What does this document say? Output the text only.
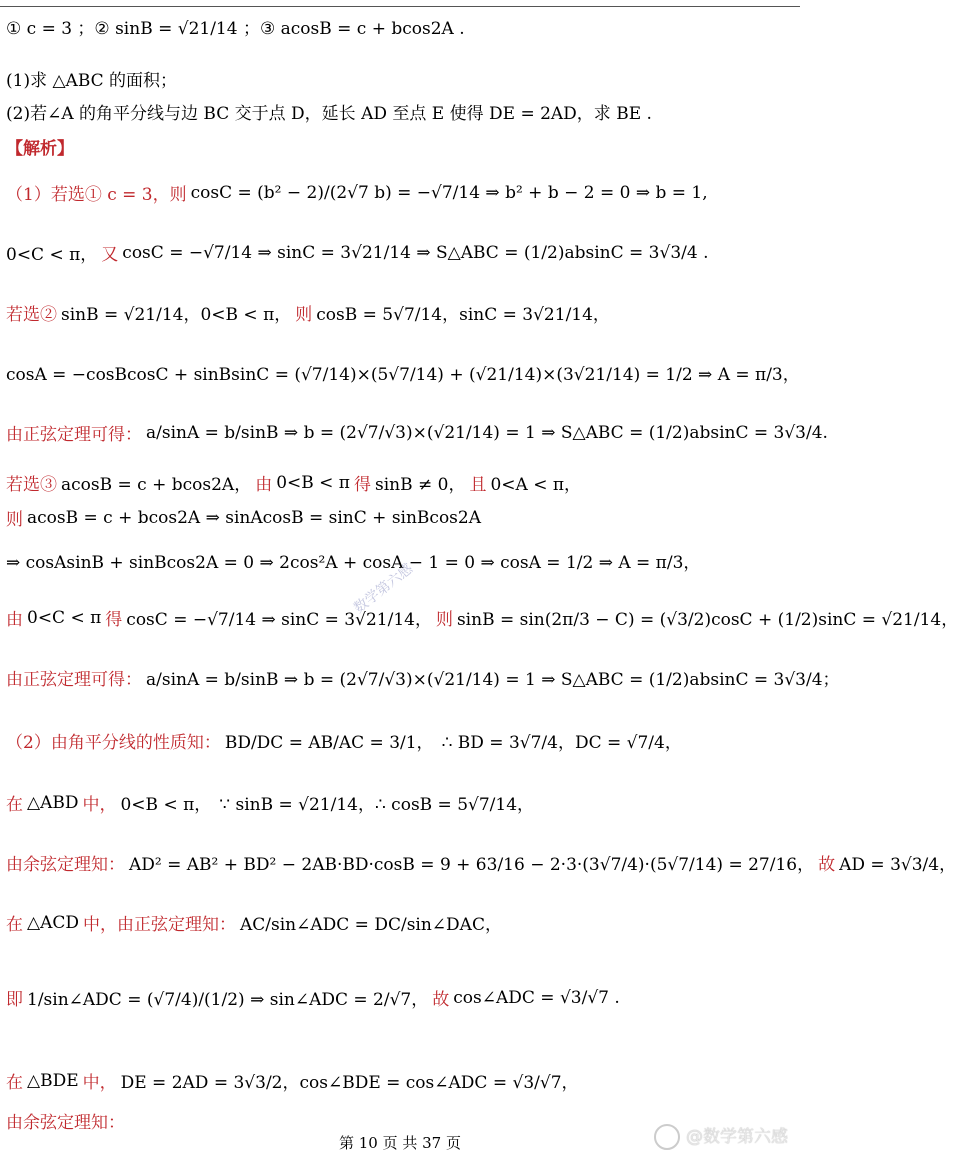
① c = 3 ；② sinB = √21/14 ；③ acosB = c + bcos2A .
(1)求 △ABC 的面积；
(2)若∠A 的角平分线与边 BC 交于点 D，延长 AD 至点 E 使得 DE = 2AD，求 BE .
【解析】
（1）若选① c = 3，则 cosC = (b² − 2)/(2√7 b) = −√7/14 ⇒ b² + b − 2 = 0 ⇒ b = 1,
0<C < π， 又 cosC = −√7/14 ⇒ sinC = 3√21/14 ⇒ S△ABC = (1/2)absinC = 3√3/4 .
若选② sinB = √21/14，0<B < π， 则 cosB = 5√7/14，sinC = 3√21/14，
cosA = −cosBcosC + sinBsinC = (√7/14)×(5√7/14) + (√21/14)×(3√21/14) = 1/2 ⇒ A = π/3，
由正弦定理可得： a/sinA = b/sinB ⇒ b = (2√7/√3)×(√21/14) = 1 ⇒ S△ABC = (1/2)absinC = 3√3/4.
若选③ acosB = c + bcos2A， 由 0<B < π 得 sinB ≠ 0， 且 0<A < π，
则 acosB = c + bcos2A ⇒ sinAcosB = sinC + sinBcos2A
⇒ cosAsinB + sinBcos2A = 0 ⇒ 2cos²A + cosA − 1 = 0 ⇒ cosA = 1/2 ⇒ A = π/3，
由 0<C < π 得 cosC = −√7/14 ⇒ sinC = 3√21/14， 则 sinB = sin(2π/3 − C) = (√3/2)cosC + (1/2)sinC = √21/14，
由正弦定理可得： a/sinA = b/sinB ⇒ b = (2√7/√3)×(√21/14) = 1 ⇒ S△ABC = (1/2)absinC = 3√3/4；
（2）由角平分线的性质知： BD/DC = AB/AC = 3/1， ∴ BD = 3√7/4，DC = √7/4，
在 △ABD 中， 0<B < π， ∵ sinB = √21/14，∴ cosB = 5√7/14，
由余弦定理知： AD² = AB² + BD² − 2AB·BD·cosB = 9 + 63/16 − 2·3·(3√7/4)·(5√7/14) = 27/16， 故 AD = 3√3/4，
在 △ACD 中，由正弦定理知： AC/sin∠ADC = DC/sin∠DAC，
即 1/sin∠ADC = (√7/4)/(1/2) ⇒ sin∠ADC = 2/√7， 故 cos∠ADC = √3/√7 .
在 △BDE 中， DE = 2AD = 3√3/2，cos∠BDE = cos∠ADC = √3/√7，
由余弦定理知：
数学第六感
第 10 页 共 37 页	@数学第六感
